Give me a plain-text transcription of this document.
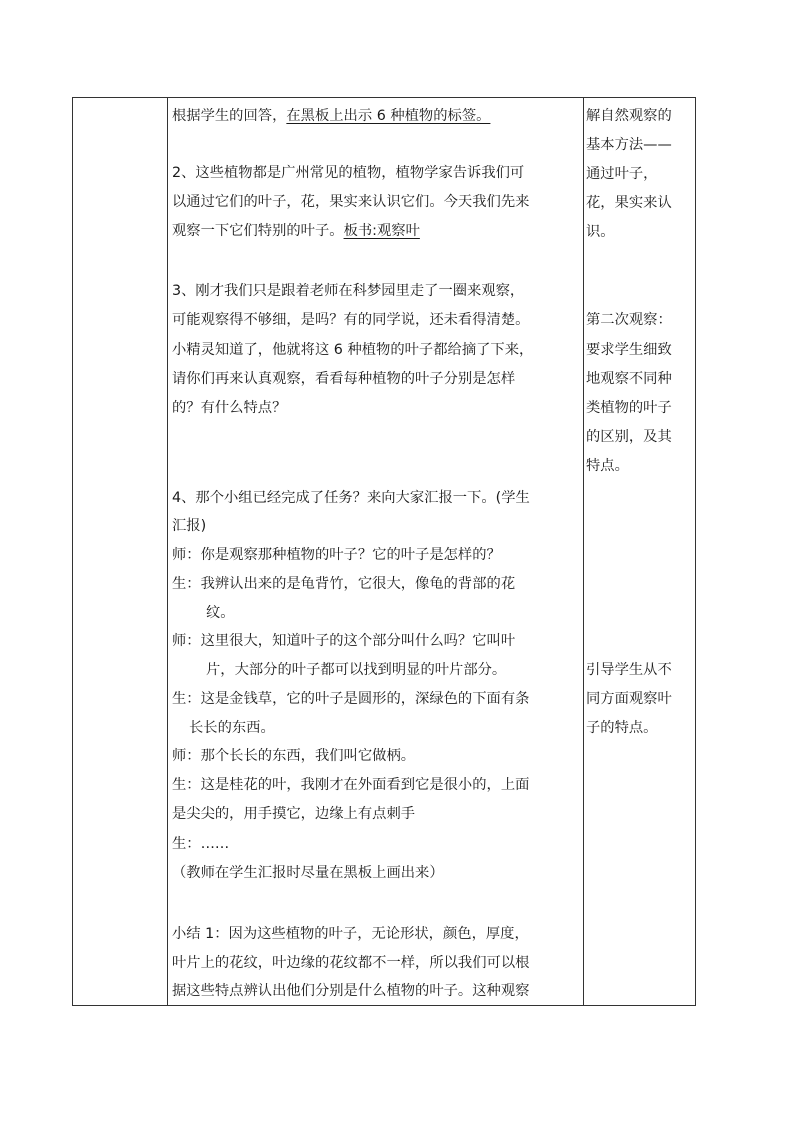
根据学生的回答，在黑板上出示 6 种植物的标签。
2、这些植物都是广州常见的植物，植物学家告诉我们可
以通过它们的叶子，花，果实来认识它们。今天我们先来
观察一下它们特别的叶子。板书:观察叶
3、刚才我们只是跟着老师在科梦园里走了一圈来观察，
可能观察得不够细，是吗？有的同学说，还未看得清楚。
小精灵知道了，他就将这 6 种植物的叶子都给摘了下来，
请你们再来认真观察，看看每种植物的叶子分别是怎样
的？有什么特点？
4、那个小组已经完成了任务？来向大家汇报一下。(学生
汇报)
师：你是观察那种植物的叶子？它的叶子是怎样的？
生：我辨认出来的是龟背竹，它很大，像龟的背部的花
纹。
师：这里很大，知道叶子的这个部分叫什么吗？它叫叶
片，大部分的叶子都可以找到明显的叶片部分。
生：这是金钱草，它的叶子是圆形的，深绿色的下面有条
长长的东西。
师：那个长长的东西，我们叫它做柄。
生：这是桂花的叶，我刚才在外面看到它是很小的，上面
是尖尖的，用手摸它，边缘上有点刺手
生：……
（教师在学生汇报时尽量在黑板上画出来）
小结 1：因为这些植物的叶子，无论形状，颜色，厚度，
叶片上的花纹，叶边缘的花纹都不一样，所以我们可以根
据这些特点辨认出他们分别是什么植物的叶子。这种观察
解自然观察的
基本方法——
通过叶子，
花，果实来认
识。
第二次观察：
要求学生细致
地观察不同种
类植物的叶子
的区别，及其
特点。
引导学生从不
同方面观察叶
子的特点。
